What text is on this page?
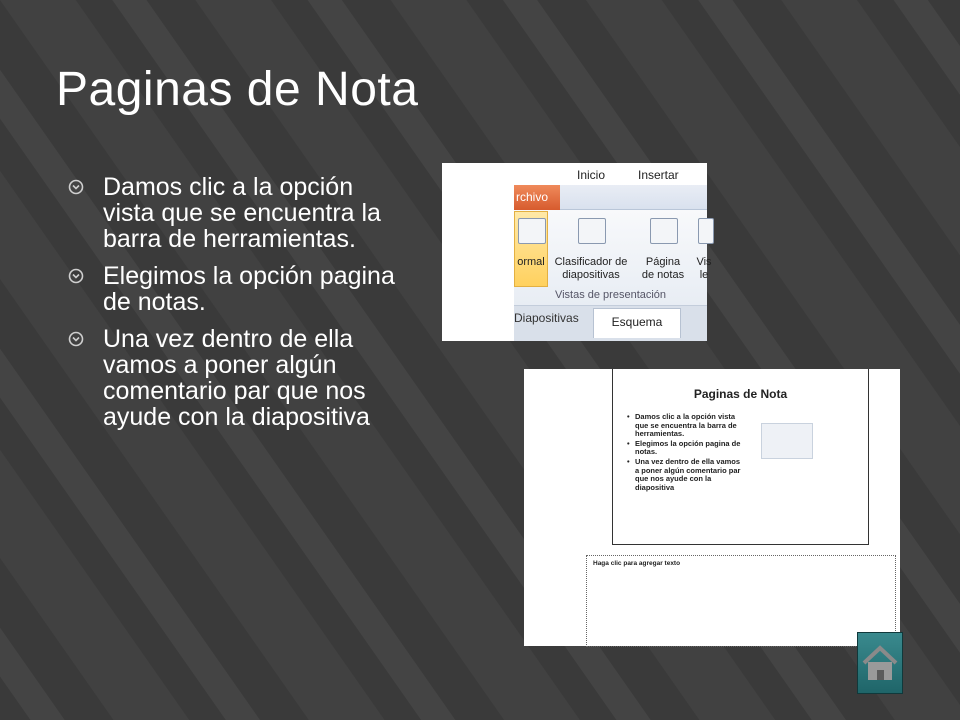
Paginas de Nota
Damos clic a la opción vista que se encuentra la barra de herramientas.
Elegimos la opción pagina de notas.
Una vez dentro de ella vamos a poner algún comentario par que nos ayude con la diapositiva
rchivo
Inicio	Insertar
ormal Clasificador de
diapositivas
Página
de notas
Vis
le
Vistas de presentación
Diapositivas	Esquema
Paginas de Nota
• Damos clic a la opción vista que se encuentra la barra de herramientas.
• Elegimos la opción pagina de notas.
• Una vez dentro de ella vamos a poner algún comentario par que nos ayude con la diapositiva
Haga clic para agregar texto
